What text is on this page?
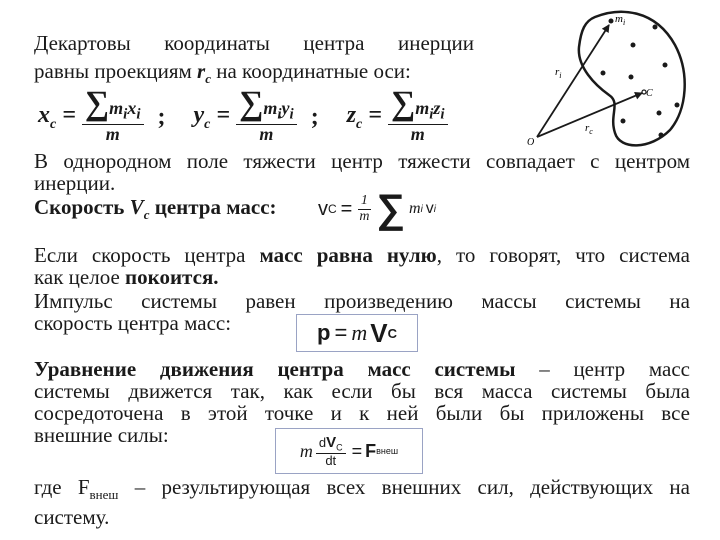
Декартовы координаты центра инерции
равны проекциям $r_c$ на координатные оси:
$x_c = \frac{\sum m_ix_i}{m}$ ; $y_c = \frac{\sum m_iy_i}{m}$ ; $z_c = \frac{\sum m_iz_i}{m}$
$m_i$
$r_i$
C
$r_c$
O
В однородном поле тяжести центр тяжести совпадает с центром
инерции.
Скорость $V_c$ центра масс: v $C = \frac{1}{m}$ ∑ m i v i
Если скорость центра масс равна нулю, то говорят, что система
как целое покоится.
Импульс системы равен произведению массы системы на
скорость центра масс:	p = m V C
Уравнение движения центра масс системы – центр масс
системы движется так, как если бы вся масса системы была
сосредоточена в этой точке и к ней были бы приложены все
внешние силы:
m $\frac{dV_C}{dt} = F$ внеш
где $F_{внеш}$ – результирующая всех внешних сил, действующих на
систему.
